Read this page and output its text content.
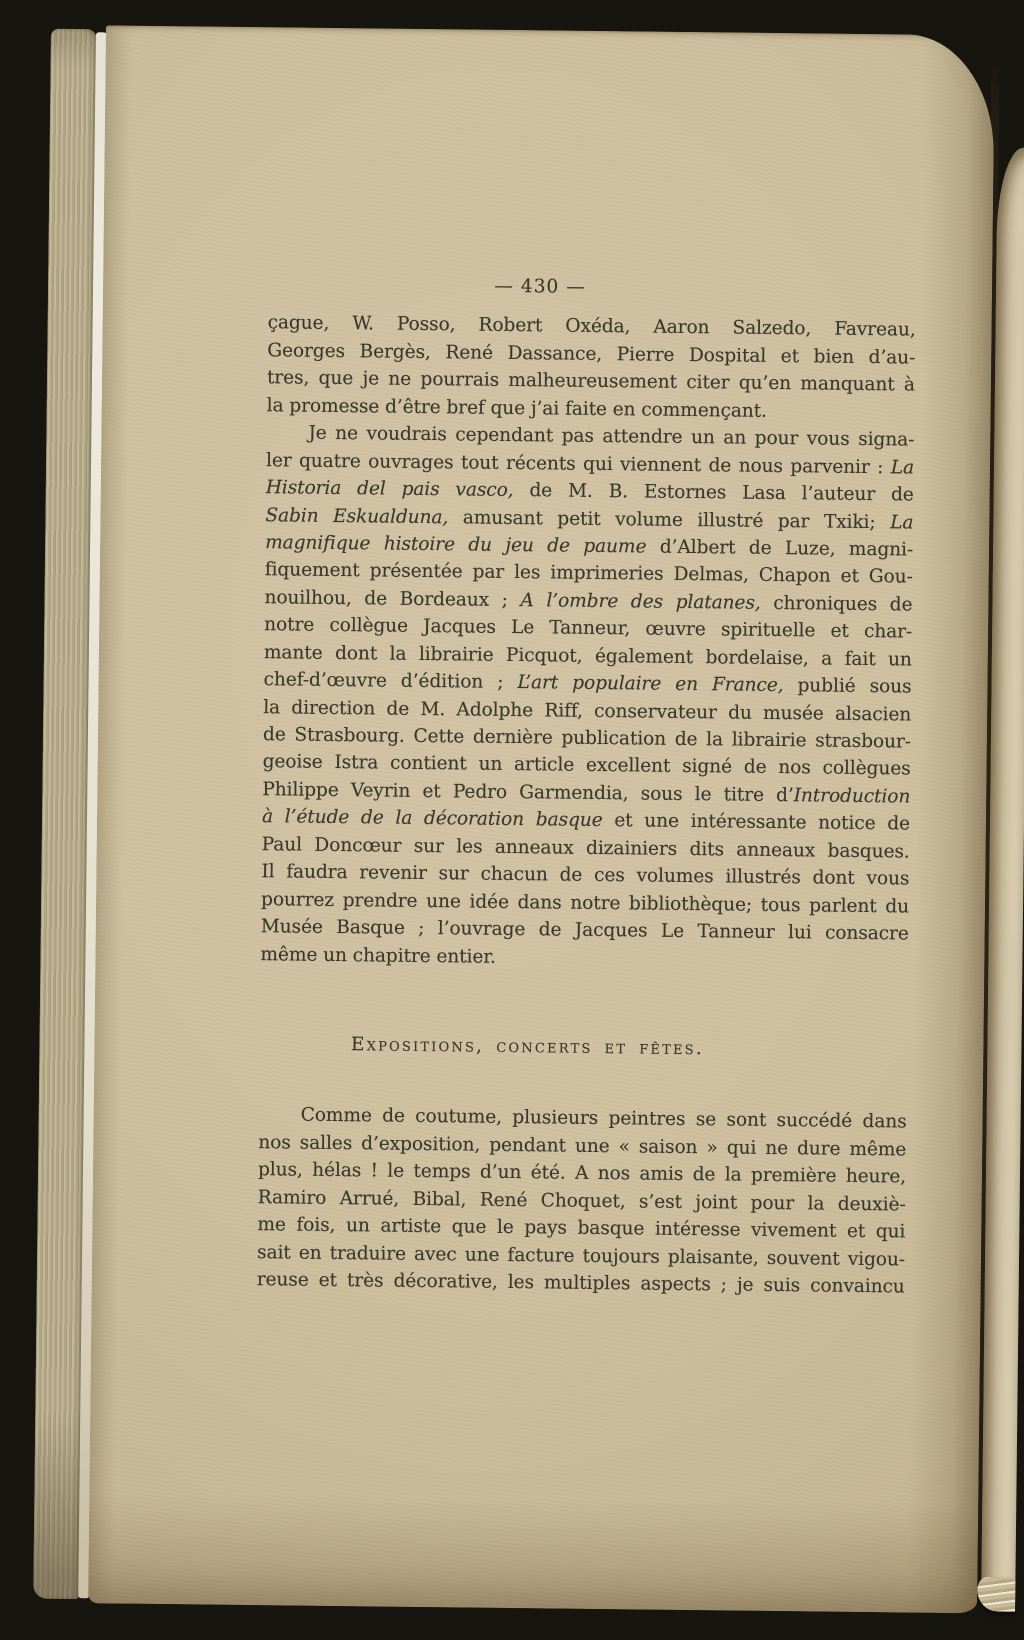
— 430 —
çague, W. Posso, Robert Oxéda, Aaron Salzedo, Favreau,
Georges Bergès, René Dassance, Pierre Dospital et bien d’au-
tres, que je ne pourrais malheureusement citer qu’en manquant à
la promesse d’être bref que j’ai faite en commençant.
Je ne voudrais cependant pas attendre un an pour vous signa-
ler quatre ouvrages tout récents qui viennent de nous parvenir : La
Historia del pais vasco, de M. B. Estornes Lasa l’auteur de
Sabin Eskualduna, amusant petit volume illustré par Txiki; La
magnifique histoire du jeu de paume d’Albert de Luze, magni-
fiquement présentée par les imprimeries Delmas, Chapon et Gou-
nouilhou, de Bordeaux ; A l’ombre des platanes, chroniques de
notre collègue Jacques Le Tanneur, œuvre spirituelle et char-
mante dont la librairie Picquot, également bordelaise, a fait un
chef-d’œuvre d’édition ; L’art populaire en France, publié sous
la direction de M. Adolphe Riff, conservateur du musée alsacien
de Strasbourg. Cette dernière publication de la librairie strasbour-
geoise Istra contient un article excellent signé de nos collègues
Philippe Veyrin et Pedro Garmendia, sous le titre d’Introduction
à l’étude de la décoration basque et une intéressante notice de
Paul Doncœur sur les anneaux dizainiers dits anneaux basques.
Il faudra revenir sur chacun de ces volumes illustrés dont vous
pourrez prendre une idée dans notre bibliothèque; tous parlent du
Musée Basque ; l’ouvrage de Jacques Le Tanneur lui consacre
même un chapitre entier.
Expositions, concerts et fêtes.
Comme de coutume, plusieurs peintres se sont succédé dans
nos salles d’exposition, pendant une « saison » qui ne dure même
plus, hélas ! le temps d’un été. A nos amis de la première heure,
Ramiro Arrué, Bibal, René Choquet, s’est joint pour la deuxiè-
me fois, un artiste que le pays basque intéresse vivement et qui
sait en traduire avec une facture toujours plaisante, souvent vigou-
reuse et très décorative, les multiples aspects ; je suis convaincu
